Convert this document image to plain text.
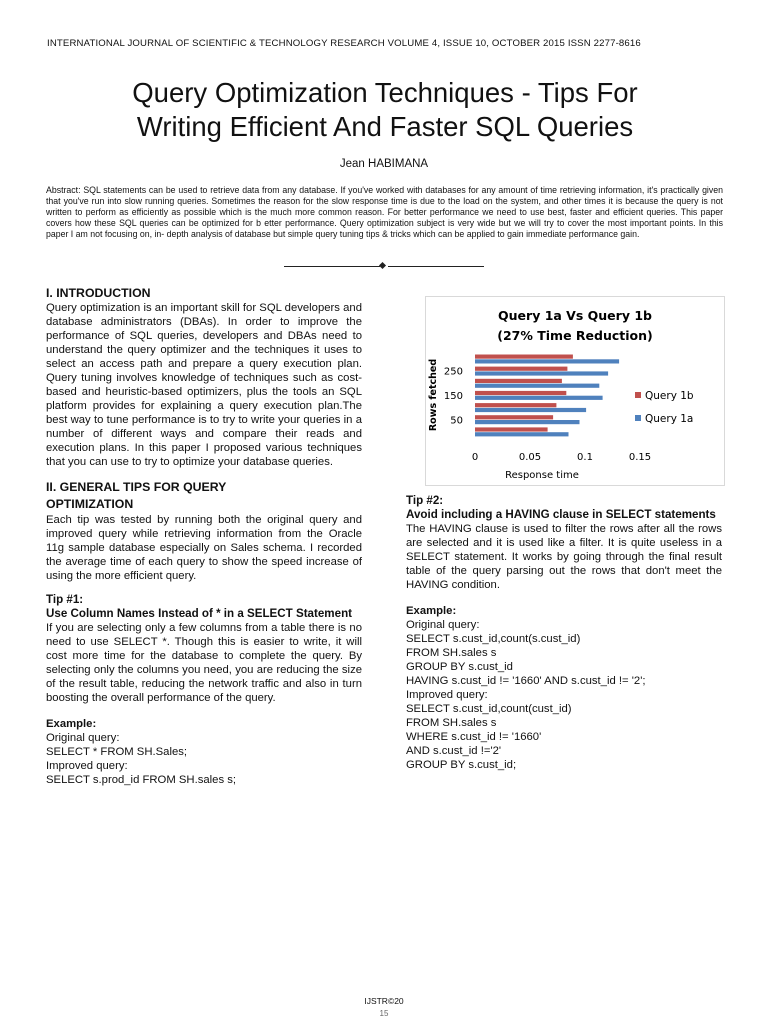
INTERNATIONAL JOURNAL OF SCIENTIFIC & TECHNOLOGY RESEARCH VOLUME 4, ISSUE 10, OCTOBER 2015 ISSN 2277-8616
Query Optimization Techniques - Tips For
Writing Efficient And Faster SQL Queries
Jean HABIMANA
Abstract: SQL statements can be used to retrieve data from any database. If you've worked with databases for any amount of time retrieving information, it's practically given that you've run into slow running queries. Sometimes the reason for the slow response time is due to the load on the system, and other times it is because the query is not written to perform as efficiently as possible which is the much more common reason. For better performance we need to use best, faster and efficient queries. This paper covers how these SQL queries can be optimized for b etter performance. Query optimization subject is very wide but we will try to cover the most important points. In this paper I am not focusing on, in- depth analysis of database but simple query tuning tips & tricks which can be applied to gain immediate performance gain.
I. INTRODUCTION

Query optimization is an important skill for SQL developers and database administrators (DBAs). In order to improve the performance of SQL queries, developers and DBAs need to understand the query optimizer and the techniques it uses to select an access path and prepare a query execution plan. Query tuning involves knowledge of techniques such as cost-based and heuristic-based optimizers, plus the tools an SQL platform provides for explaining a query execution plan.The best way to tune performance is to try to write your queries in a number of different ways and compare their reads and execution plans. In this paper I proposed various techniques that you can use to try to optimize your database queries.

II. GENERAL TIPS FOR QUERY
OPTIMIZATION

Each tip was tested by running both the original query and improved query while retrieving information from the Oracle 11g sample database especially on Sales schema. I recorded the average time of each query to show the speed increase of using the more efficient query.

Tip #1:
Use Column Names Instead of * in a SELECT Statement

If you are selecting only a few columns from a table there is no need to use SELECT *. Though this is easier to write, it will cost more time for the database to complete the query. By selecting only the columns you need, you are reducing the size of the result table, reducing the network traffic and also in turn boosting the overall performance of the query.

Example:
Original query:
SELECT * FROM SH.Sales;
Improved query:
SELECT s.prod_id FROM SH.sales s;
Query 1a Vs Query 1b
(27% Time Reduction)
Rows fetched
Response time
50
150
250
0	0.05	0.1	0.15
Query 1b
Query 1a
Tip #2:
Avoid including a HAVING clause in SELECT statements

The HAVING clause is used to filter the rows after all the rows are selected and it is used like a filter. It is quite useless in a SELECT statement. It works by going through the final result table of the query parsing out the rows that don't meet the HAVING condition.

Example:
Original query:
SELECT s.cust_id,count(s.cust_id)
FROM SH.sales s
GROUP BY s.cust_id
HAVING s.cust_id != '1660' AND s.cust_id != '2';
Improved query:
SELECT s.cust_id,count(cust_id)
FROM SH.sales s
WHERE s.cust_id != '1660'
AND s.cust_id !='2'
GROUP BY s.cust_id;
IJSTR©20
15
